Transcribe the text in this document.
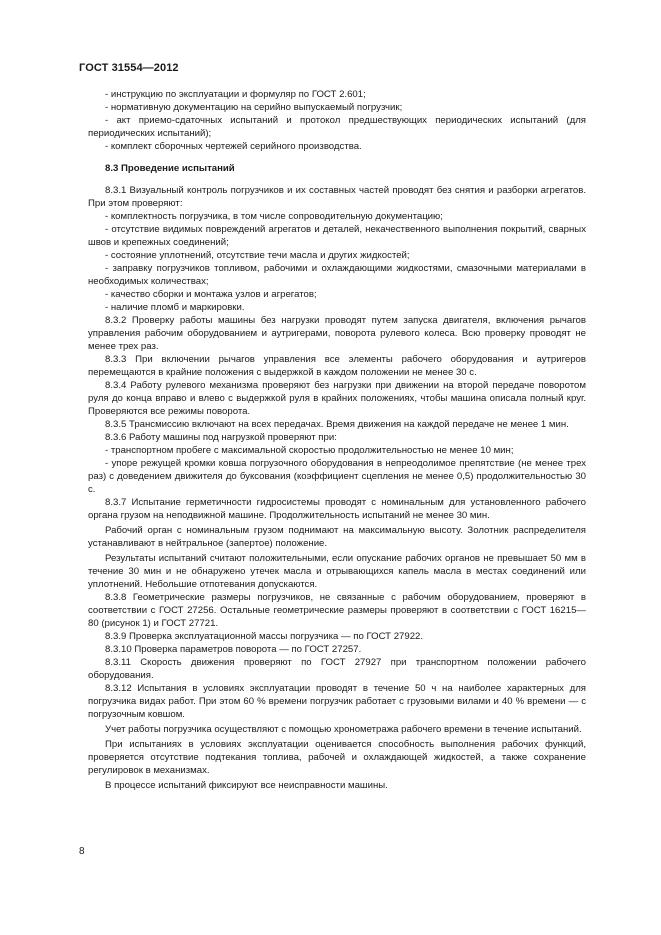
ГОСТ 31554—2012

- инструкцию по эксплуатации и формуляр по ГОСТ 2.601;

- нормативную документацию на серийно выпускаемый погрузчик;

- акт приемо-сдаточных испытаний и протокол предшествующих периодических испытаний (для периодических испытаний);

- комплект сборочных чертежей серийного производства.

8.3 Проведение испытаний

8.3.1 Визуальный контроль погрузчиков и их составных частей проводят без снятия и разборки агрегатов. При этом проверяют:

- комплектность погрузчика, в том числе сопроводительную документацию;

- отсутствие видимых повреждений агрегатов и деталей, некачественного выполнения покрытий, сварных швов и крепежных соединений;

- состояние уплотнений, отсутствие течи масла и других жидкостей;

- заправку погрузчиков топливом, рабочими и охлаждающими жидкостями, смазочными материалами в необходимых количествах;

- качество сборки и монтажа узлов и агрегатов;

- наличие пломб и маркировки.

8.3.2 Проверку работы машины без нагрузки проводят путем запуска двигателя, включения рычагов управления рабочим оборудованием и аутригерами, поворота рулевого колеса. Всю проверку проводят не менее трех раз.

8.3.3 При включении рычагов управления все элементы рабочего оборудования и аутригеров перемещаются в крайние положения с выдержкой в каждом положении не менее 30 с.

8.3.4 Работу рулевого механизма проверяют без нагрузки при движении на второй передаче поворотом руля до конца вправо и влево с выдержкой руля в крайних положениях, чтобы машина описала полный круг. Проверяются все режимы поворота.

8.3.5 Трансмиссию включают на всех передачах. Время движения на каждой передаче не менее 1 мин.

8.3.6 Работу машины под нагрузкой проверяют при:

- транспортном пробеге с максимальной скоростью продолжительностью не менее 10 мин;

- упоре режущей кромки ковша погрузочного оборудования в непреодолимое препятствие (не менее трех раз) с доведением движителя до буксования (коэффициент сцепления не менее 0,5) продолжительностью 30 с.

8.3.7 Испытание герметичности гидросистемы проводят с номинальным для установленного рабочего органа грузом на неподвижной машине. Продолжительность испытаний не менее 30 мин.

Рабочий орган с номинальным грузом поднимают на максимальную высоту. Золотник распределителя устанавливают в нейтральное (запертое) положение.

Результаты испытаний считают положительными, если опускание рабочих органов не превышает 50 мм в течение 30 мин и не обнаружено утечек масла и отрывающихся капель масла в местах соединений или уплотнений. Небольшие отпотевания допускаются.

8.3.8 Геометрические размеры погрузчиков, не связанные с рабочим оборудованием, проверяют в соответствии с ГОСТ 27256. Остальные геометрические размеры проверяют в соответствии с ГОСТ 16215—80 (рисунок 1) и ГОСТ 27721.

8.3.9 Проверка эксплуатационной массы погрузчика — по ГОСТ 27922.

8.3.10 Проверка параметров поворота — по ГОСТ 27257.

8.3.11 Скорость движения проверяют по ГОСТ 27927 при транспортном положении рабочего оборудования.

8.3.12 Испытания в условиях эксплуатации проводят в течение 50 ч на наиболее характерных для погрузчика видах работ. При этом 60 % времени погрузчик работает с грузовыми вилами и 40 % времени — с погрузочным ковшом.

Учет работы погрузчика осуществляют с помощью хронометража рабочего времени в течение испытаний.

При испытаниях в условиях эксплуатации оценивается способность выполнения рабочих функций, проверяется отсутствие подтекания топлива, рабочей и охлаждающей жидкостей, а также сохранение регулировок в механизмах.

В процессе испытаний фиксируют все неисправности машины.

8
